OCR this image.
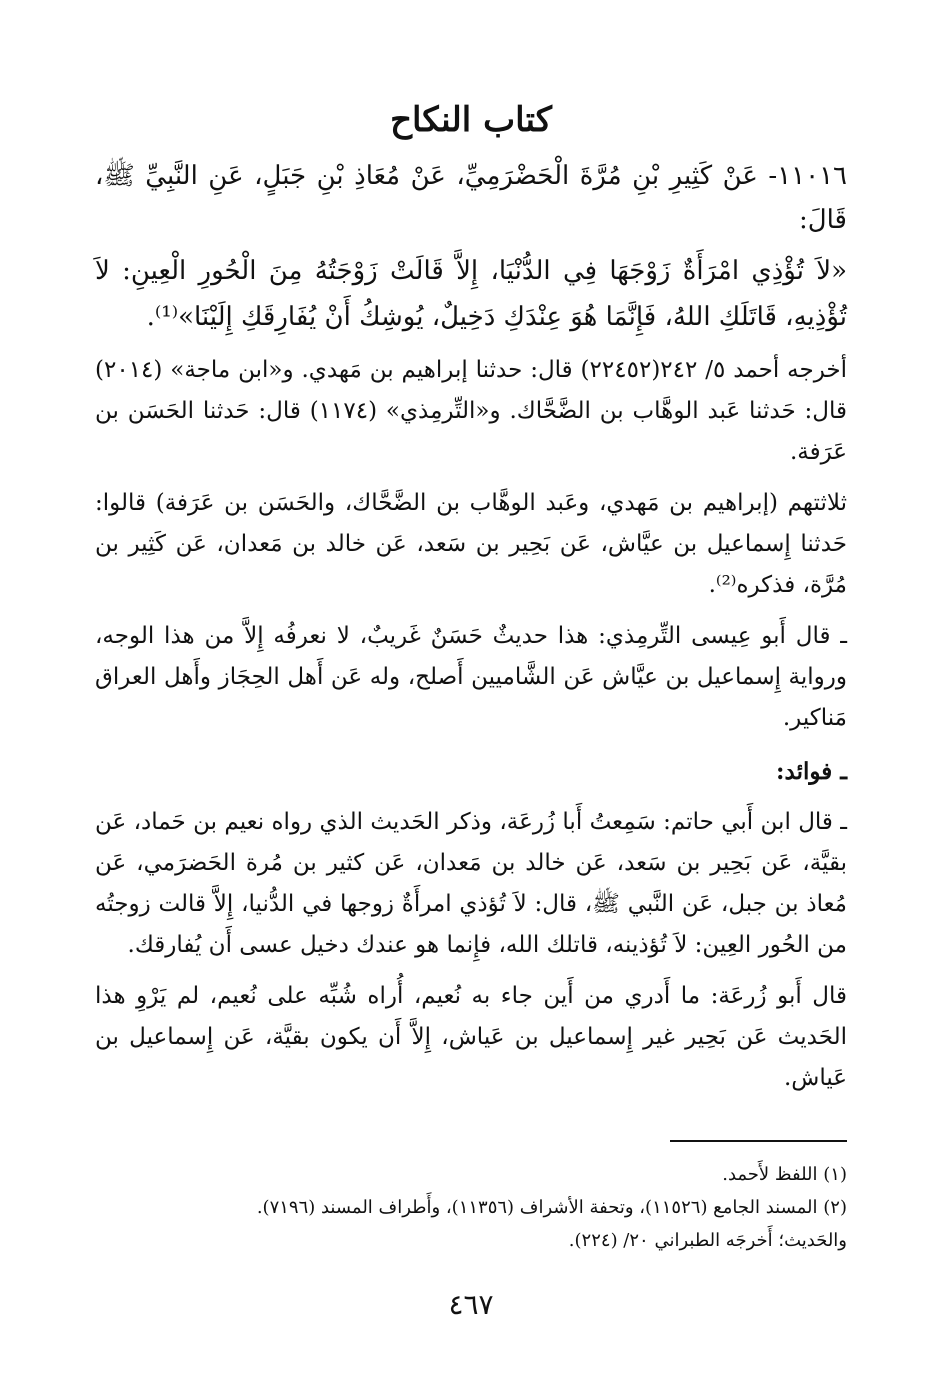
كتاب النكاح

١١٠١٦- عَنْ كَثِيرِ بْنِ مُرَّةَ الْحَضْرَمِيِّ، عَنْ مُعَاذِ بْنِ جَبَلٍ، عَنِ النَّبِيِّ ﷺ، قَالَ:

«لاَ تُؤْذِي امْرَأَةٌ زَوْجَهَا فِي الدُّنْيَا، إِلاَّ قَالَتْ زَوْجَتُهُ مِنَ الْحُورِ الْعِينِ: لاَ تُؤْذِيهِ، قَاتَلَكِ اللهُ، فَإِنَّمَا هُوَ عِنْدَكِ دَخِيلٌ، يُوشِكُ أَنْ يُفَارِقَكِ إِلَيْنَا»⁽¹⁾.

أخرجه أحمد ٥/ ٢٤٢(٢٢٤٥٢) قال: حدثنا إبراهيم بن مَهدي. و«ابن ماجة» (٢٠١٤) قال: حَدثنا عَبد الوهَّاب بن الضَّحَّاك. و«التِّرمِذي» (١١٧٤) قال: حَدثنا الحَسَن بن عَرَفة.

ثلاثتهم (إبراهيم بن مَهدي، وعَبد الوهَّاب بن الضَّحَّاك، والحَسَن بن عَرَفة) قالوا: حَدثنا إِسماعيل بن عيَّاش، عَن بَحِير بن سَعد، عَن خالد بن مَعدان، عَن كَثِير بن مُرَّة، فذكره⁽²⁾.

ـ قال أَبو عِيسى التِّرمِذي: هذا حديثٌ حَسَنٌ غَريبٌ، لا نعرفُه إِلاَّ من هذا الوجه، ورواية إِسماعيل بن عيَّاش عَن الشَّاميين أَصلح، وله عَن أَهل الحِجَاز وأَهل العراق مَناكير.

ـ فوائد:

ـ قال ابن أَبي حاتم: سَمِعتُ أَبا زُرعَة، وذكر الحَديث الذي رواه نعيم بن حَماد، عَن بقيَّة، عَن بَحِير بن سَعد، عَن خالد بن مَعدان، عَن كثير بن مُرة الحَضرَمي، عَن مُعاذ بن جبل، عَن النَّبي ﷺ، قال: لاَ تُؤذي امرأَةٌ زوجها في الدُّنيا، إِلاَّ قالت زوجتُه من الحُور العِين: لاَ تُؤذينه، قاتلك الله، فإِنما هو عندك دخيل عسى أَن يُفارقك.

قال أَبو زُرعَة: ما أَدري من أَين جاء به نُعيم، أُراه شُبِّه على نُعيم، لم يَرْوِ هذا الحَديث عَن بَحِير غير إِسماعيل بن عَياش، إِلاَّ أَن يكون بقيَّة، عَن إِسماعيل بن عَياش.

(١) اللفظ لأَحمد.
(٢) المسند الجامع (١١٥٢٦)، وتحفة الأشراف (١١٣٥٦)، وأَطراف المسند (٧١٩٦).
والحَديث؛ أَخرجَه الطبراني ٢٠/ (٢٢٤).
٤٦٧
